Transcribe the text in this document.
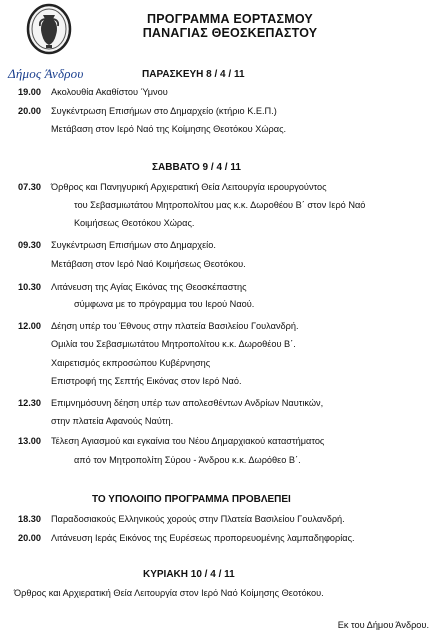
Δήμος Άνδρου
ΠΡΟΓΡΑΜΜΑ ΕΟΡΤΑΣΜΟΥ
ΠΑΝΑΓΙΑΣ ΘΕΟΣΚΕΠΑΣΤΟΥ
ΠΑΡΑΣΚΕΥΗ 8 / 4 / 11
19.00 Ακολουθία Ακαθίστου Ύμνου
20.00 Συγκέντρωση Επισήμων στο Δημαρχείο (κτήριο Κ.Ε.Π.)
Μετάβαση στον Ιερό Ναό της Κοίμησης Θεοτόκου Χώρας.
ΣΑΒΒΑΤΟ 9 / 4 / 11
07.30 Όρθρος και Πανηγυρική Αρχιερατική Θεία Λειτουργία ιερουργούντος
του Σεβασμιωτάτου Μητροπολίτου μας κ.κ. Δωροθέου Β΄ στον Ιερό Ναό
Κοιμήσεως Θεοτόκου Χώρας.
09.30 Συγκέντρωση Επισήμων στο Δημαρχείο.
Μετάβαση στον Ιερό Ναό Κοιμήσεως Θεοτόκου.
10.30 Λιτάνευση της Αγίας Εικόνας της Θεοσκέπαστης
σύμφωνα με το πρόγραμμα του Ιερού Ναού.
12.00 Δέηση υπέρ του Έθνους στην πλατεία Βασιλείου Γουλανδρή.
Ομιλία του Σεβασμιωτάτου Μητροπολίτου κ.κ. Δωροθέου Β΄.
Χαιρετισμός εκπροσώπου Κυβέρνησης
Επιστροφή της Σεπτής Εικόνας στον Ιερό Ναό.
12.30 Επιμνημόσυνη δέηση υπέρ των απολεσθέντων Ανδρίων Ναυτικών,
στην πλατεία Αφανούς Ναύτη.
13.00 Τέλεση Αγιασμού και εγκαίνια του Νέου Δημαρχιακού καταστήματος
από τον Μητροπολίτη Σύρου - Άνδρου κ.κ. Δωρόθεο Β΄.
ΤΟ ΥΠΟΛΟΙΠΟ ΠΡΟΓΡΑΜΜΑ ΠΡΟΒΛΕΠΕΙ
18.30 Παραδοσιακούς Ελληνικούς χορούς στην Πλατεία Βασιλείου Γουλανδρή.
20.00 Λιτάνευση Ιεράς Εικόνος της Ευρέσεως προπορευομένης λαμπαδηφορίας.
ΚΥΡΙΑΚΗ 10 / 4 / 11
Όρθρος και Αρχιερατική Θεία Λειτουργία στον Ιερό Ναό Κοίμησης Θεοτόκου.
Εκ του Δήμου Άνδρου.
